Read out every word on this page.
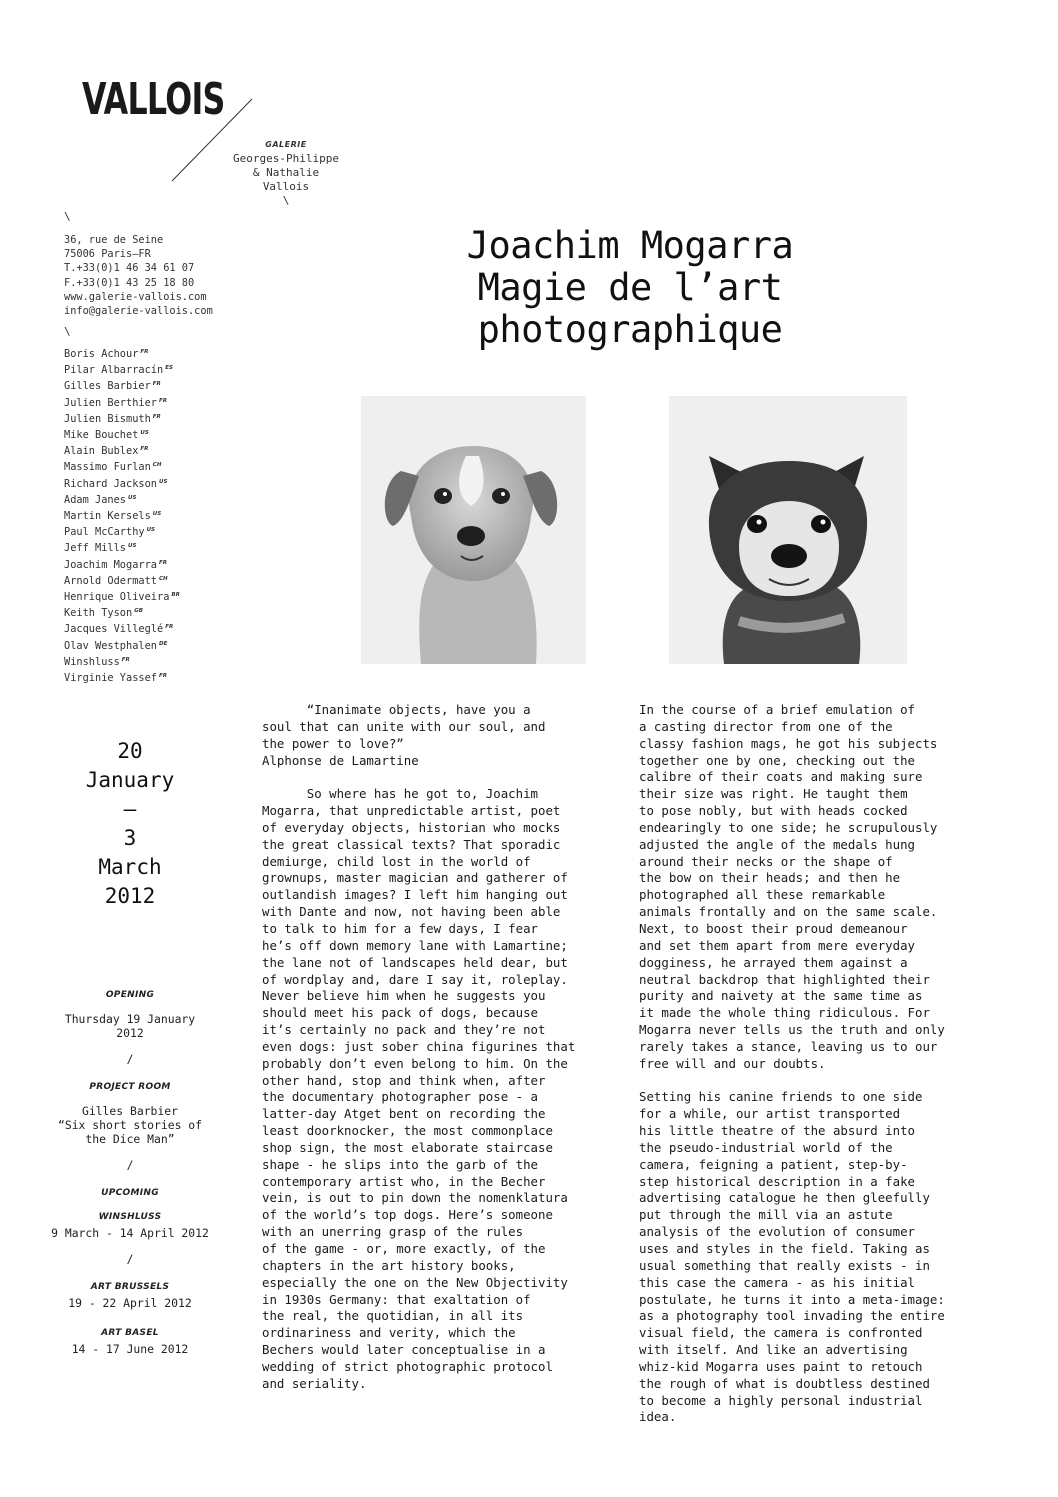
VALLOIS
GALERIE
Georges-Philippe
& Nathalie
Vallois
\
\
36, rue de Seine
75006 Paris—FR
T.+33(0)1 46 34 61 07
F.+33(0)1 43 25 18 80
www.galerie-vallois.com
info@galerie-vallois.com
\
Boris Achour $^{FR}$
Pilar Albarracín $^{ES}$
Gilles Barbier $^{FR}$
Julien Berthier $^{FR}$
Julien Bismuth $^{FR}$
Mike Bouchet $^{US}$
Alain Bublex $^{FR}$
Massimo Furlan $^{CH}$
Richard Jackson $^{US}$
Adam Janes $^{US}$
Martin Kersels $^{US}$
Paul McCarthy $^{US}$
Jeff Mills $^{US}$
Joachim Mogarra $^{FR}$
Arnold Odermatt $^{CH}$
Henrique Oliveira $^{BR}$
Keith Tyson $^{GB}$
Jacques Villeglé $^{FR}$
Olav Westphalen $^{DE}$
Winshluss $^{FR}$
Virginie Yassef $^{FR}$
Joachim Mogarra
Magie de l’art
photographique
20
January
—
3
March
2012
OPENING
Thursday 19 January
2012
/
PROJECT ROOM
Gilles Barbier
“Six short stories of
the Dice Man”
/
UPCOMING
WINSHLUSS
9 March - 14 April 2012
/
ART BRUSSELS
19 - 22 April 2012
ART BASEL
14 - 17 June 2012
“Inanimate objects, have you a
soul that can unite with our soul, and
the power to love?”
Alphonse de Lamartine

So where has he got to, Joachim
Mogarra, that unpredictable artist, poet
of everyday objects, historian who mocks
the great classical texts? That sporadic
demiurge, child lost in the world of
grownups, master magician and gatherer of
outlandish images? I left him hanging out
with Dante and now, not having been able
to talk to him for a few days, I fear
he’s off down memory lane with Lamartine;
the lane not of landscapes held dear, but
of wordplay and, dare I say it, roleplay.
Never believe him when he suggests you
should meet his pack of dogs, because
it’s certainly no pack and they’re not
even dogs: just sober china figurines that
probably don’t even belong to him. On the
other hand, stop and think when, after
the documentary photographer pose - a
latter-day Atget bent on recording the
least doorknocker, the most commonplace
shop sign, the most elaborate staircase
shape - he slips into the garb of the
contemporary artist who, in the Becher
vein, is out to pin down the nomenklatura
of the world’s top dogs. Here’s someone
with an unerring grasp of the rules
of the game - or, more exactly, of the
chapters in the art history books,
especially the one on the New Objectivity
in 1930s Germany: that exaltation of
the real, the quotidian, in all its
ordinariness and verity, which the
Bechers would later conceptualise in a
wedding of strict photographic protocol
and seriality.
In the course of a brief emulation of
a casting director from one of the
classy fashion mags, he got his subjects
together one by one, checking out the
calibre of their coats and making sure
their size was right. He taught them
to pose nobly, but with heads cocked
endearingly to one side; he scrupulously
adjusted the angle of the medals hung
around their necks or the shape of
the bow on their heads; and then he
photographed all these remarkable
animals frontally and on the same scale.
Next, to boost their proud demeanour
and set them apart from mere everyday
dogginess, he arrayed them against a
neutral backdrop that highlighted their
purity and naivety at the same time as
it made the whole thing ridiculous. For
Mogarra never tells us the truth and only
rarely takes a stance, leaving us to our
free will and our doubts.

Setting his canine friends to one side
for a while, our artist transported
his little theatre of the absurd into
the pseudo-industrial world of the
camera, feigning a patient, step-by-
step historical description in a fake
advertising catalogue he then gleefully
put through the mill via an astute
analysis of the evolution of consumer
uses and styles in the field. Taking as
usual something that really exists - in
this case the camera - as his initial
postulate, he turns it into a meta-image:
as a photography tool invading the entire
visual field, the camera is confronted
with itself. And like an advertising
whiz-kid Mogarra uses paint to retouch
the rough of what is doubtless destined
to become a highly personal industrial
idea.
